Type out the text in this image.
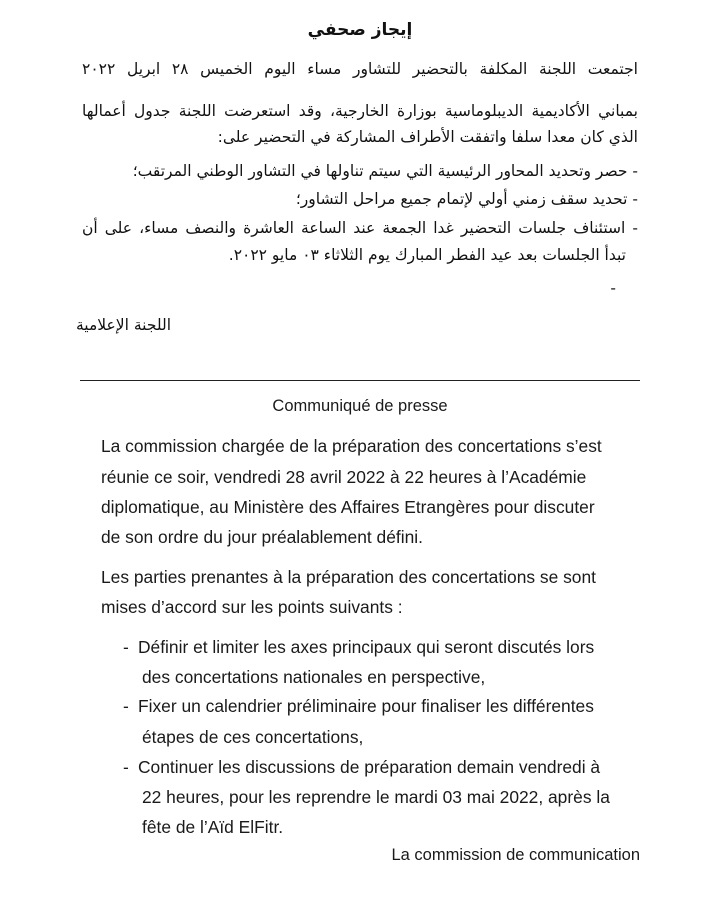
إيجاز صحفي
اجتمعت اللجنة المكلفة بالتحضير للتشاور مساء اليوم الخميس ٢٨ ابريل ٢٠٢٢
بمباني الأكاديمية الديبلوماسية بوزارة الخارجية، وقد استعرضت اللجنة جدول أعمالها
الذي كان معدا سلفا واتفقت الأطراف المشاركة في التحضير على:
- حصر وتحديد المحاور الرئيسية التي سيتم تناولها في التشاور الوطني المرتقب؛
- تحديد سقف زمني أولي لإتمام جميع مراحل التشاور؛
- استئناف جلسات التحضير غدا الجمعة عند الساعة العاشرة والنصف مساء، على أن
تبدأ الجلسات بعد عيد الفطر المبارك يوم الثلاثاء ٠٣ مايو ٢٠٢٢.
-
اللجنة الإعلامية
Communiqué de presse
La commission chargée de la préparation des concertations s’est
réunie ce soir, vendredi 28 avril 2022 à 22 heures à l’Académie
diplomatique, au Ministère des Affaires Etrangères pour discuter
de son ordre du jour préalablement défini.
Les parties prenantes à la préparation des concertations se sont
mises d’accord sur les points suivants :
- Définir et limiter les axes principaux qui seront discutés lors
des concertations nationales en perspective,
- Fixer un calendrier préliminaire pour finaliser les différentes
étapes de ces concertations,
- Continuer les discussions de préparation demain vendredi à
22 heures, pour les reprendre le mardi 03 mai 2022, après la
fête de l’Aïd ElFitr.
La commission de communication
